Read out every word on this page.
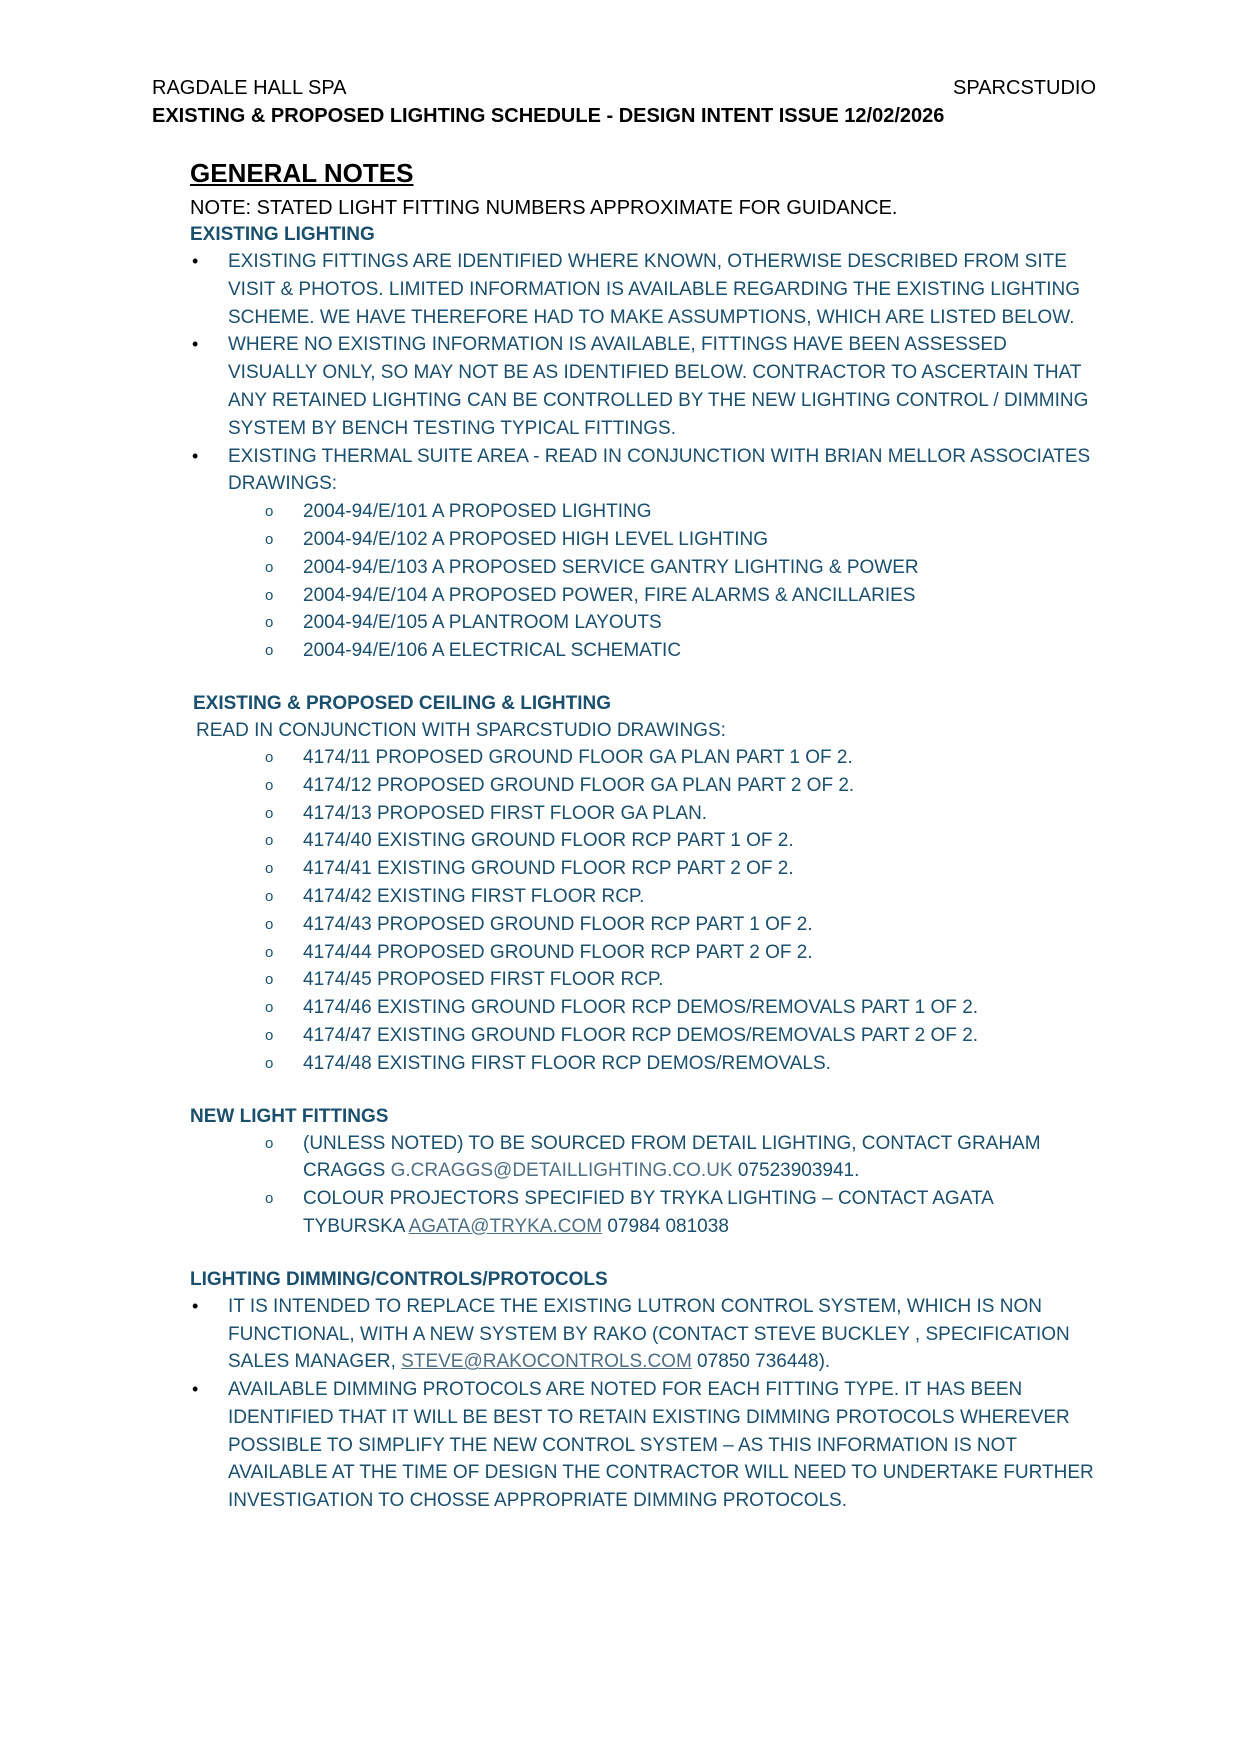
RAGDALE HALL SPA	SPARCSTUDIO
EXISTING & PROPOSED LIGHTING SCHEDULE - DESIGN INTENT ISSUE 12/02/2026
GENERAL NOTES
NOTE: STATED LIGHT FITTING NUMBERS APPROXIMATE FOR GUIDANCE.
EXISTING LIGHTING
• EXISTING FITTINGS ARE IDENTIFIED WHERE KNOWN, OTHERWISE DESCRIBED FROM SITE VISIT & PHOTOS. LIMITED INFORMATION IS AVAILABLE REGARDING THE EXISTING LIGHTING SCHEME. WE HAVE THEREFORE HAD TO MAKE ASSUMPTIONS, WHICH ARE LISTED BELOW.
• WHERE NO EXISTING INFORMATION IS AVAILABLE, FITTINGS HAVE BEEN ASSESSED VISUALLY ONLY, SO MAY NOT BE AS IDENTIFIED BELOW. CONTRACTOR TO ASCERTAIN THAT ANY RETAINED LIGHTING CAN BE CONTROLLED BY THE NEW LIGHTING CONTROL / DIMMING SYSTEM BY BENCH TESTING TYPICAL FITTINGS.
• EXISTING THERMAL SUITE AREA - READ IN CONJUNCTION WITH BRIAN MELLOR ASSOCIATES DRAWINGS:
o 2004-94/E/101 A PROPOSED LIGHTING
o 2004-94/E/102 A PROPOSED HIGH LEVEL LIGHTING
o 2004-94/E/103 A PROPOSED SERVICE GANTRY LIGHTING & POWER
o 2004-94/E/104 A PROPOSED POWER, FIRE ALARMS & ANCILLARIES
o 2004-94/E/105 A PLANTROOM LAYOUTS
o 2004-94/E/106 A ELECTRICAL SCHEMATIC
EXISTING & PROPOSED CEILING & LIGHTING
READ IN CONJUNCTION WITH SPARCSTUDIO DRAWINGS:
o 4174/11 PROPOSED GROUND FLOOR GA PLAN PART 1 OF 2.
o 4174/12 PROPOSED GROUND FLOOR GA PLAN PART 2 OF 2.
o 4174/13 PROPOSED FIRST FLOOR GA PLAN.
o 4174/40 EXISTING GROUND FLOOR RCP PART 1 OF 2.
o 4174/41 EXISTING GROUND FLOOR RCP PART 2 OF 2.
o 4174/42 EXISTING FIRST FLOOR RCP.
o 4174/43 PROPOSED GROUND FLOOR RCP PART 1 OF 2.
o 4174/44 PROPOSED GROUND FLOOR RCP PART 2 OF 2.
o 4174/45 PROPOSED FIRST FLOOR RCP.
o 4174/46 EXISTING GROUND FLOOR RCP DEMOS/REMOVALS PART 1 OF 2.
o 4174/47 EXISTING GROUND FLOOR RCP DEMOS/REMOVALS PART 2 OF 2.
o 4174/48 EXISTING FIRST FLOOR RCP DEMOS/REMOVALS.
NEW LIGHT FITTINGS
o (UNLESS NOTED) TO BE SOURCED FROM DETAIL LIGHTING, CONTACT GRAHAM CRAGGS G.CRAGGS@DETAILLIGHTING.CO.UK 07523903941.
o COLOUR PROJECTORS SPECIFIED BY TRYKA LIGHTING – CONTACT AGATA TYBURSKA AGATA@TRYKA.COM 07984 081038
LIGHTING DIMMING/CONTROLS/PROTOCOLS
• IT IS INTENDED TO REPLACE THE EXISTING LUTRON CONTROL SYSTEM, WHICH IS NON FUNCTIONAL, WITH A NEW SYSTEM BY RAKO (CONTACT STEVE BUCKLEY , SPECIFICATION SALES MANAGER, STEVE@RAKOCONTROLS.COM 07850 736448).
• AVAILABLE DIMMING PROTOCOLS ARE NOTED FOR EACH FITTING TYPE. IT HAS BEEN IDENTIFIED THAT IT WILL BE BEST TO RETAIN EXISTING DIMMING PROTOCOLS WHEREVER POSSIBLE TO SIMPLIFY THE NEW CONTROL SYSTEM – AS THIS INFORMATION IS NOT AVAILABLE AT THE TIME OF DESIGN THE CONTRACTOR WILL NEED TO UNDERTAKE FURTHER INVESTIGATION TO CHOSSE APPROPRIATE DIMMING PROTOCOLS.
